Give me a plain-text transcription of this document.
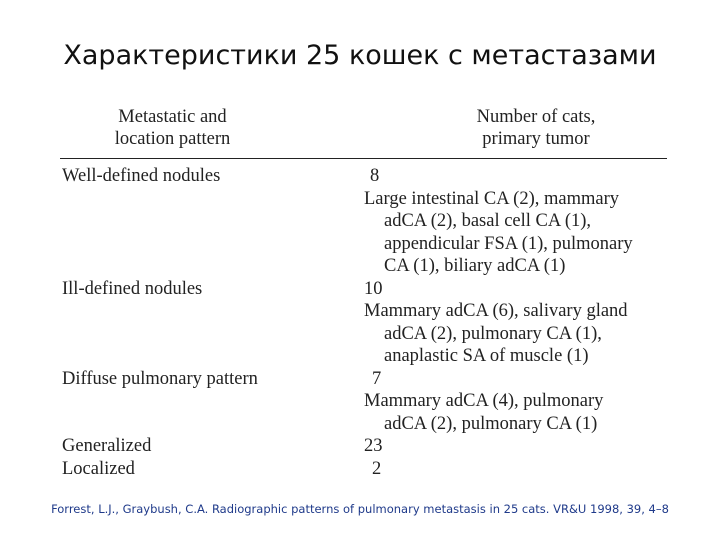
Характеристики 25 кошек с метастазами
Metastatic and
location pattern
Number of cats,
primary tumor
Well-defined nodules	8
Large intestinal CA (2), mammary
adCA (2), basal cell CA (1),
appendicular FSA (1), pulmonary
CA (1), biliary adCA (1)
Ill-defined nodules	10
Mammary adCA (6), salivary gland
adCA (2), pulmonary CA (1),
anaplastic SA of muscle (1)
Diffuse pulmonary pattern	7
Mammary adCA (4), pulmonary
adCA (2), pulmonary CA (1)
Generalized	23
Localized	2
Forrest, L.J., Graybush, C.A. Radiographic patterns of pulmonary metastasis in 25 cats. VR&U 1998, 39, 4–8
